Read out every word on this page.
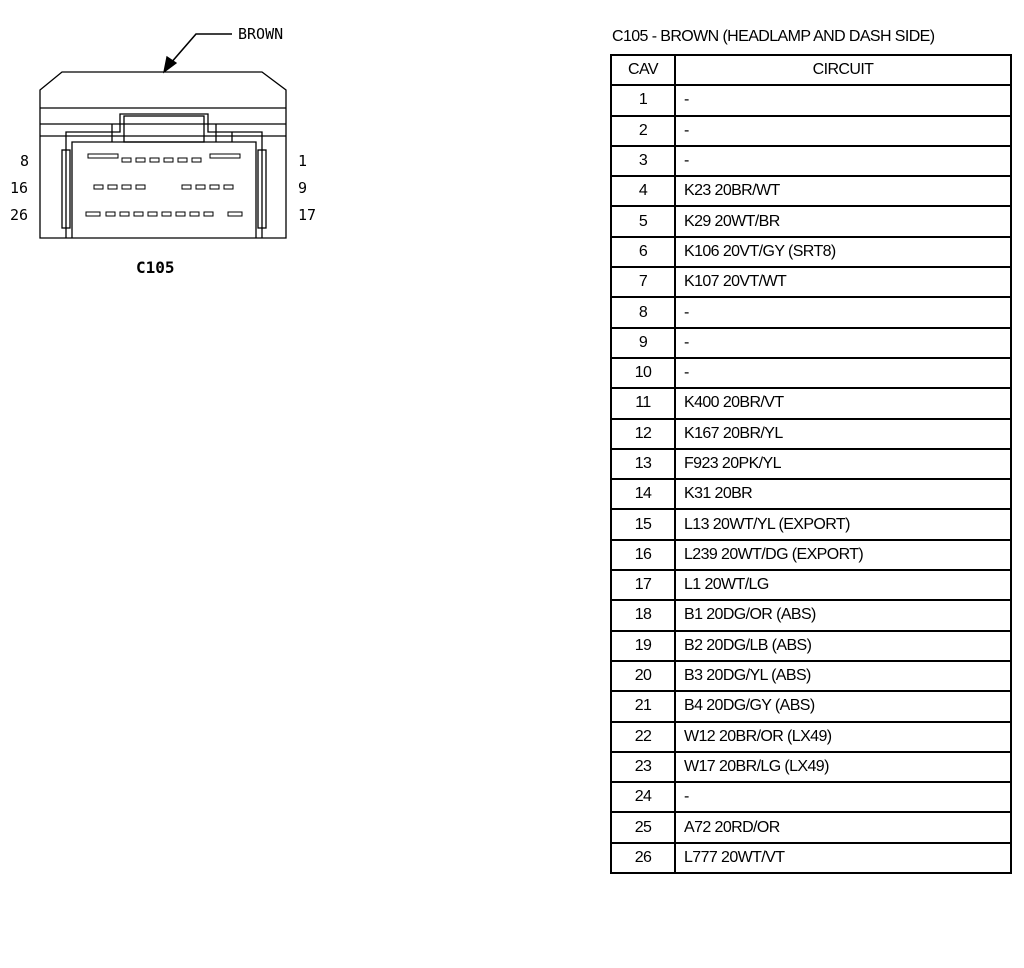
BROWN
8
16
26
1
9
17
C105
C105 - BROWN (HEADLAMP AND DASH SIDE)
CAV	CIRCUIT
1	-
2	-
3	-
4	K23 20BR/WT
5	K29 20WT/BR
6	K106 20VT/GY (SRT8)
7	K107 20VT/WT
8	-
9	-
10	-
11	K400 20BR/VT
12	K167 20BR/YL
13	F923 20PK/YL
14	K31 20BR
15	L13 20WT/YL (EXPORT)
16	L239 20WT/DG (EXPORT)
17	L1 20WT/LG
18	B1 20DG/OR (ABS)
19	B2 20DG/LB (ABS)
20	B3 20DG/YL (ABS)
21	B4 20DG/GY (ABS)
22	W12 20BR/OR (LX49)
23	W17 20BR/LG (LX49)
24	-
25	A72 20RD/OR
26	L777 20WT/VT
